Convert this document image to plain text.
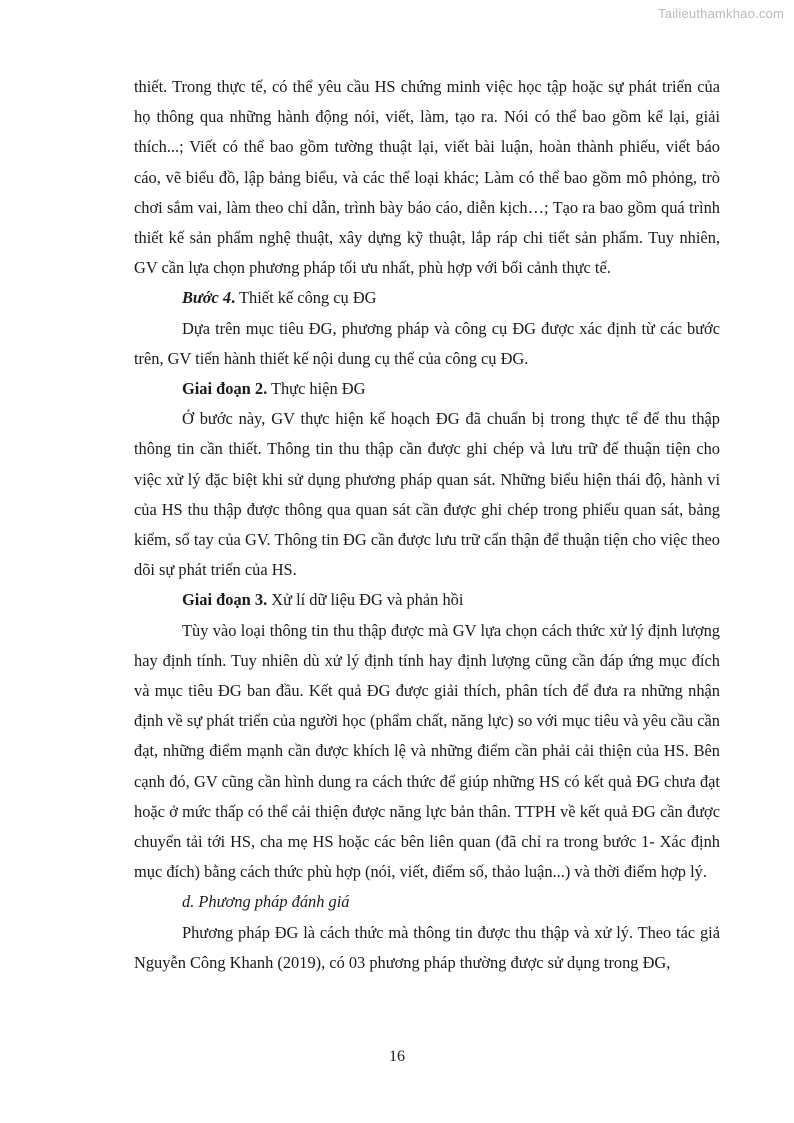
Tailieuthamkhao.com

thiết. Trong thực tế, có thể yêu cầu HS chứng minh việc học tập hoặc sự phát triển của họ thông qua những hành động nói, viết, làm, tạo ra. Nói có thể bao gồm kể lại, giải thích...; Viết có thể bao gồm tường thuật lại, viết bài luận, hoàn thành phiếu, viết báo cáo, vẽ biểu đồ, lập bảng biểu, và các thể loại khác; Làm có thể bao gồm mô phỏng, trò chơi sắm vai, làm theo chỉ dẫn, trình bày báo cáo, diễn kịch…; Tạo ra bao gồm quá trình thiết kế sản phẩm nghệ thuật, xây dựng kỹ thuật, lắp ráp chi tiết sản phẩm. Tuy nhiên, GV cần lựa chọn phương pháp tối ưu nhất, phù hợp với bối cảnh thực tế.

Bước 4. Thiết kế công cụ ĐG

Dựa trên mục tiêu ĐG, phương pháp và công cụ ĐG được xác định từ các bước trên, GV tiến hành thiết kế nội dung cụ thể của công cụ ĐG.

Giai đoạn 2. Thực hiện ĐG

Ở bước này, GV thực hiện kế hoạch ĐG đã chuẩn bị trong thực tế để thu thập thông tin cần thiết. Thông tin thu thập cần được ghi chép và lưu trữ để thuận tiện cho việc xử lý đặc biệt khi sử dụng phương pháp quan sát. Những biểu hiện thái độ, hành vi của HS thu thập được thông qua quan sát cần được ghi chép trong phiếu quan sát, bảng kiểm, sổ tay của GV. Thông tin ĐG cần được lưu trữ cẩn thận để thuận tiện cho việc theo dõi sự phát triển của HS.

Giai đoạn 3. Xử lí dữ liệu ĐG và phản hồi

Tùy vào loại thông tin thu thập được mà GV lựa chọn cách thức xử lý định lượng hay định tính. Tuy nhiên dù xử lý định tính hay định lượng cũng cần đáp ứng mục đích và mục tiêu ĐG ban đầu. Kết quả ĐG được giải thích, phân tích để đưa ra những nhận định về sự phát triển của người học (phẩm chất, năng lực) so với mục tiêu và yêu cầu cần đạt, những điểm mạnh cần được khích lệ và những điểm cần phải cải thiện của HS. Bên cạnh đó, GV cũng cần hình dung ra cách thức để giúp những HS có kết quả ĐG chưa đạt hoặc ở mức thấp có thể cải thiện được năng lực bản thân. TTPH về kết quả ĐG cần được chuyển tải tới HS, cha mẹ HS hoặc các bên liên quan (đã chỉ ra trong bước 1- Xác định mục đích) bằng cách thức phù hợp (nói, viết, điểm số, thảo luận...) và thời điểm hợp lý.

d. Phương pháp đánh giá

Phương pháp ĐG là cách thức mà thông tin được thu thập và xử lý. Theo tác giả Nguyễn Công Khanh (2019), có 03 phương pháp thường được sử dụng trong ĐG,

16
